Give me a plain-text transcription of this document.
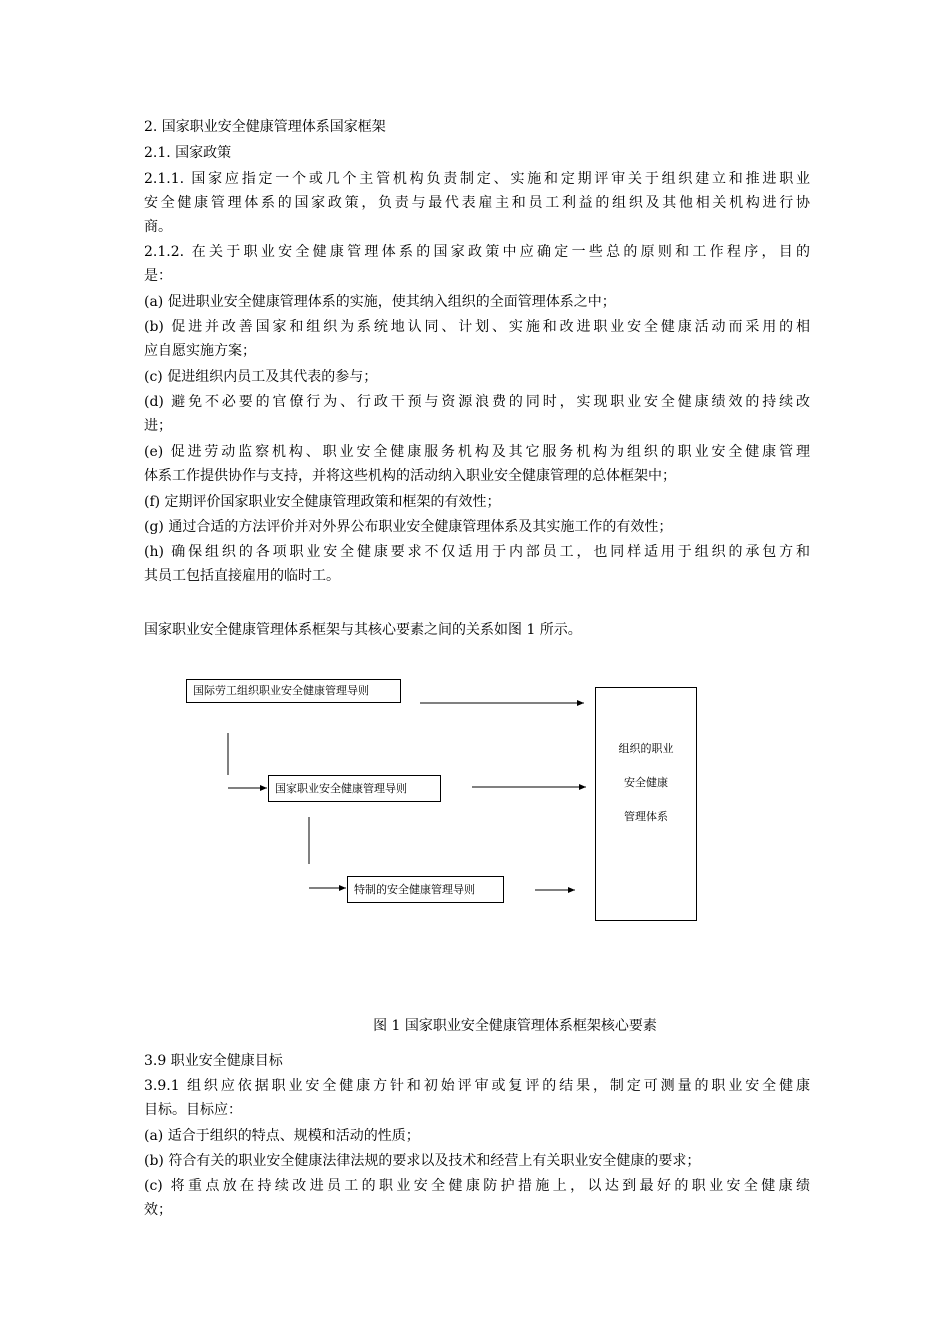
2. 国家职业安全健康管理体系国家框架
2.1. 国家政策
2.1.1. 国家应指定一个或几个主管机构负责制定、实施和定期评审关于组织建立和推进职业
安全健康管理体系的国家政策，负责与最代表雇主和员工利益的组织及其他相关机构进行协
商。
2.1.2. 在关于职业安全健康管理体系的国家政策中应确定一些总的原则和工作程序，目的
是：
(a) 促进职业安全健康管理体系的实施，使其纳入组织的全面管理体系之中；
(b) 促进并改善国家和组织为系统地认同、计划、实施和改进职业安全健康活动而采用的相
应自愿实施方案；
(c) 促进组织内员工及其代表的参与；
(d) 避免不必要的官僚行为、行政干预与资源浪费的同时，实现职业安全健康绩效的持续改
进；
(e) 促进劳动监察机构、职业安全健康服务机构及其它服务机构为组织的职业安全健康管理
体系工作提供协作与支持，并将这些机构的活动纳入职业安全健康管理的总体框架中；
(f) 定期评价国家职业安全健康管理政策和框架的有效性；
(g) 通过合适的方法评价并对外界公布职业安全健康管理体系及其实施工作的有效性；
(h) 确保组织的各项职业安全健康要求不仅适用于内部员工，也同样适用于组织的承包方和
其员工包括直接雇用的临时工。
国家职业安全健康管理体系框架与其核心要素之间的关系如图 1 所示。
国际劳工组织职业安全健康管理导则
国家职业安全健康管理导则
特制的安全健康管理导则
组织的职业
安全健康
管理体系
图 1 国家职业安全健康管理体系框架核心要素
3.9 职业安全健康目标
3.9.1 组织应依据职业安全健康方针和初始评审或复评的结果，制定可测量的职业安全健康
目标。目标应：
(a) 适合于组织的特点、规模和活动的性质；
(b) 符合有关的职业安全健康法律法规的要求以及技术和经营上有关职业安全健康的要求；
(c) 将重点放在持续改进员工的职业安全健康防护措施上，以达到最好的职业安全健康绩
效；
